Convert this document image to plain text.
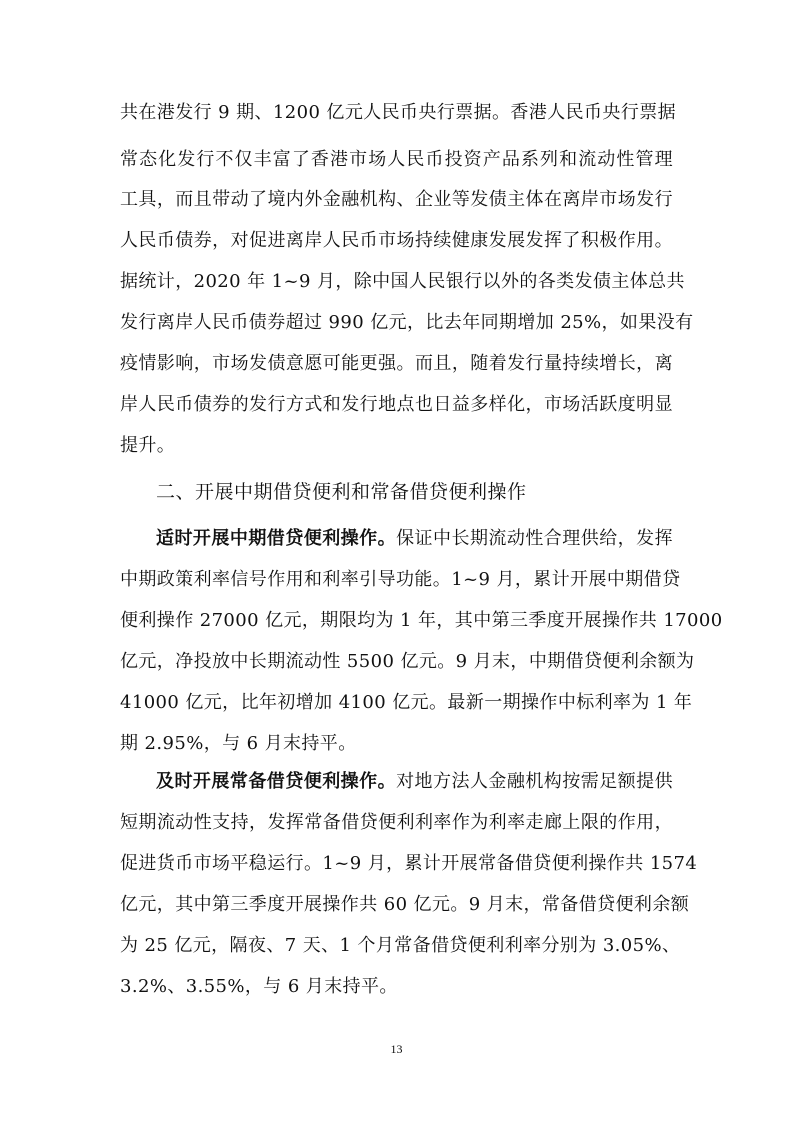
共在港发行 9 期、1200 亿元人民币央行票据。香港人民币央行票据
常态化发行不仅丰富了香港市场人民币投资产品系列和流动性管理
工具，而且带动了境内外金融机构、企业等发债主体在离岸市场发行
人民币债券，对促进离岸人民币市场持续健康发展发挥了积极作用。
据统计，2020 年 1~9 月，除中国人民银行以外的各类发债主体总共
发行离岸人民币债券超过 990 亿元，比去年同期增加 25%，如果没有
疫情影响，市场发债意愿可能更强。而且，随着发行量持续增长，离
岸人民币债券的发行方式和发行地点也日益多样化，市场活跃度明显
提升。
二、开展中期借贷便利和常备借贷便利操作
适时开展中期借贷便利操作。保证中长期流动性合理供给，发挥
中期政策利率信号作用和利率引导功能。1~9 月，累计开展中期借贷
便利操作 27000 亿元，期限均为 1 年，其中第三季度开展操作共 17000
亿元，净投放中长期流动性 5500 亿元。9 月末，中期借贷便利余额为
41000 亿元，比年初增加 4100 亿元。最新一期操作中标利率为 1 年
期 2.95%，与 6 月末持平。
及时开展常备借贷便利操作。对地方法人金融机构按需足额提供
短期流动性支持，发挥常备借贷便利利率作为利率走廊上限的作用，
促进货币市场平稳运行。1~9 月，累计开展常备借贷便利操作共 1574
亿元，其中第三季度开展操作共 60 亿元。9 月末，常备借贷便利余额
为 25 亿元，隔夜、7 天、1 个月常备借贷便利利率分别为 3.05%、
3.2%、3.55%，与 6 月末持平。
13
